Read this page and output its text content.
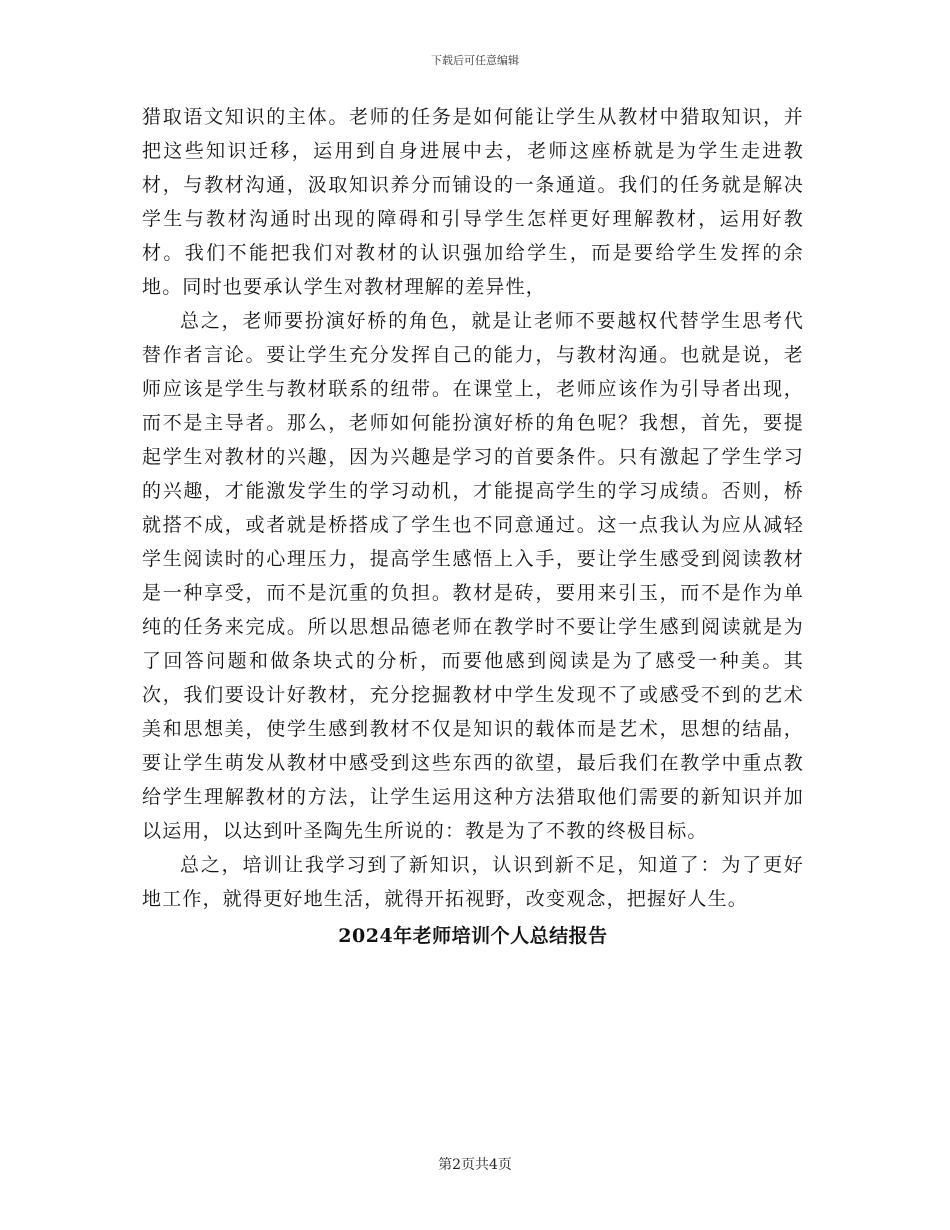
下载后可任意编辑

猎取语文知识的主体。老师的任务是如何能让学生从教材中猎取知识，并把这些知识迁移，运用到自身进展中去，老师这座桥就是为学生走进教材，与教材沟通，汲取知识养分而铺设的一条通道。我们的任务就是解决学生与教材沟通时出现的障碍和引导学生怎样更好理解教材，运用好教材。我们不能把我们对教材的认识强加给学生，而是要给学生发挥的余地。同时也要承认学生对教材理解的差异性，

总之，老师要扮演好桥的角色，就是让老师不要越权代替学生思考代替作者言论。要让学生充分发挥自己的能力，与教材沟通。也就是说，老师应该是学生与教材联系的纽带。在课堂上，老师应该作为引导者出现，而不是主导者。那么，老师如何能扮演好桥的角色呢？我想，首先，要提起学生对教材的兴趣，因为兴趣是学习的首要条件。只有激起了学生学习的兴趣，才能激发学生的学习动机，才能提高学生的学习成绩。否则，桥就搭不成，或者就是桥搭成了学生也不同意通过。这一点我认为应从减轻学生阅读时的心理压力，提高学生感悟上入手，要让学生感受到阅读教材是一种享受，而不是沉重的负担。教材是砖，要用来引玉，而不是作为单纯的任务来完成。所以思想品德老师在教学时不要让学生感到阅读就是为了回答问题和做条块式的分析，而要他感到阅读是为了感受一种美。其次，我们要设计好教材，充分挖掘教材中学生发现不了或感受不到的艺术美和思想美，使学生感到教材不仅是知识的载体而是艺术，思想的结晶，要让学生萌发从教材中感受到这些东西的欲望，最后我们在教学中重点教给学生理解教材的方法，让学生运用这种方法猎取他们需要的新知识并加以运用，以达到叶圣陶先生所说的：教是为了不教的终极目标。

总之，培训让我学习到了新知识，认识到新不足，知道了：为了更好地工作，就得更好地生活，就得开拓视野，改变观念，把握好人生。

2024年老师培训个人总结报告
第2页共4页
